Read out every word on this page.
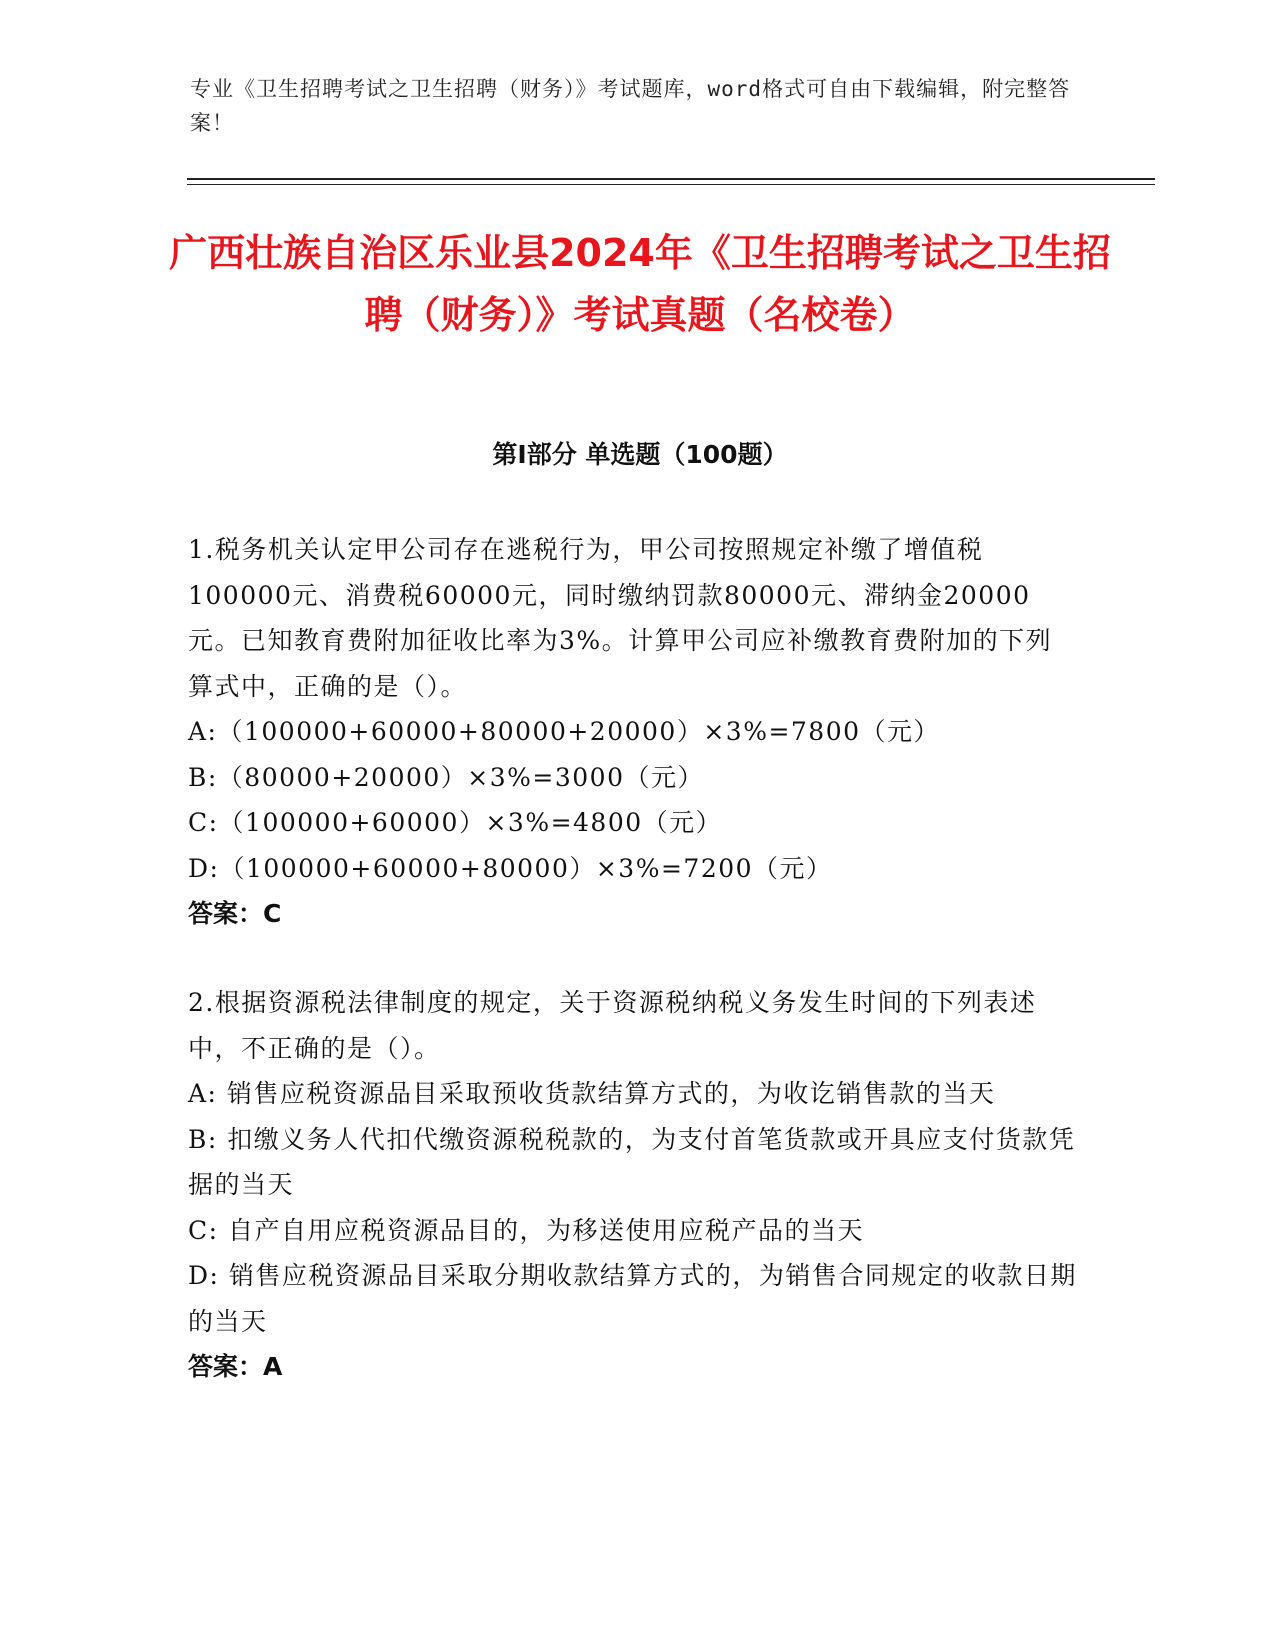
专业《卫生招聘考试之卫生招聘（财务）》考试题库，word格式可自由下载编辑，附完整答案！
广西壮族自治区乐业县2024年《卫生招聘考试之卫生招聘（财务）》考试真题（名校卷）
第I部分 单选题（100题）

1.税务机关认定甲公司存在逃税行为，甲公司按照规定补缴了增值税100000元、消费税60000元，同时缴纳罚款80000元、滞纳金20000元。已知教育费附加征收比率为3%。计算甲公司应补缴教育费附加的下列算式中，正确的是（）。

A:（100000+60000+80000+20000）×3%=7800（元）

B:（80000+20000）×3%=3000（元）

C:（100000+60000）×3%=4800（元）

D:（100000+60000+80000）×3%=7200（元）

答案：C

2.根据资源税法律制度的规定，关于资源税纳税义务发生时间的下列表述中，不正确的是（）。

A: 销售应税资源品目采取预收货款结算方式的，为收讫销售款的当天

B: 扣缴义务人代扣代缴资源税税款的，为支付首笔货款或开具应支付货款凭据的当天

C: 自产自用应税资源品目的，为移送使用应税产品的当天

D: 销售应税资源品目采取分期收款结算方式的，为销售合同规定的收款日期的当天

答案：A
